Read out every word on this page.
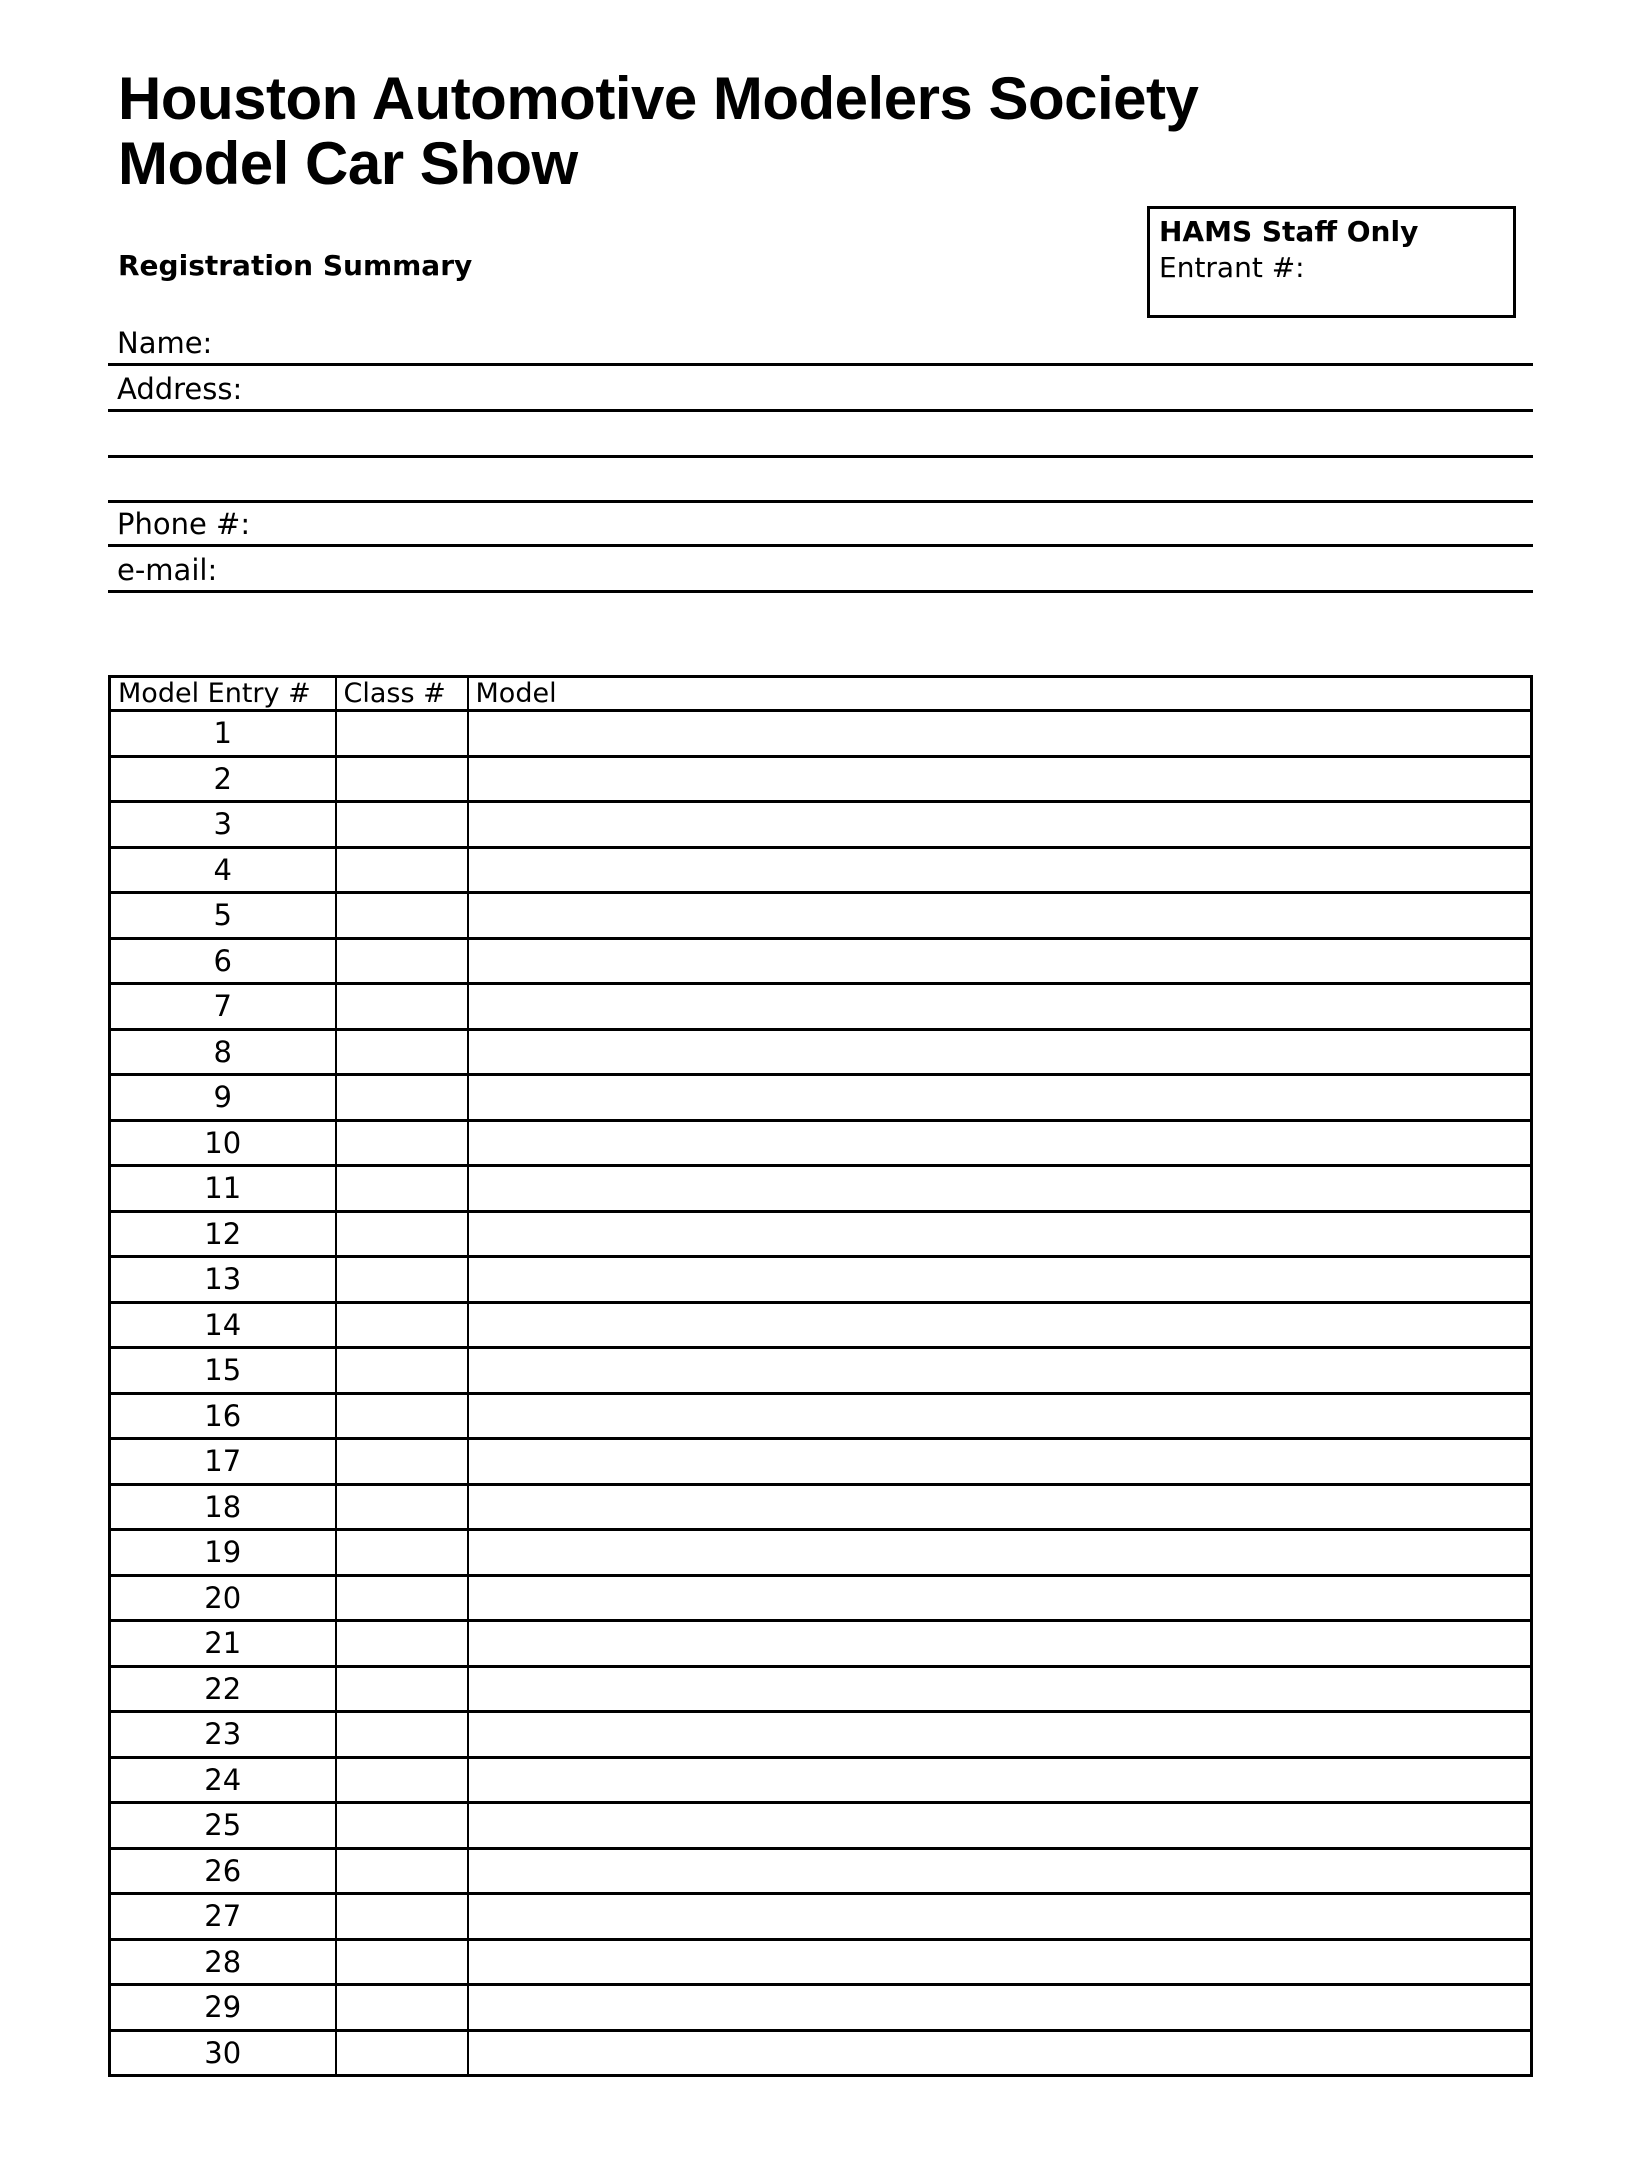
Houston Automotive Modelers Society
Model Car Show
Registration Summary
HAMS Staff Only
Entrant #:
Name:
Address:
Phone #:
e-mail:
Model Entry #	Class #	Model
1		
2		
3		
4		
5		
6		
7		
8		
9		
10		
11		
12		
13		
14		
15		
16		
17		
18		
19		
20		
21		
22		
23		
24		
25		
26		
27		
28		
29		
30		
